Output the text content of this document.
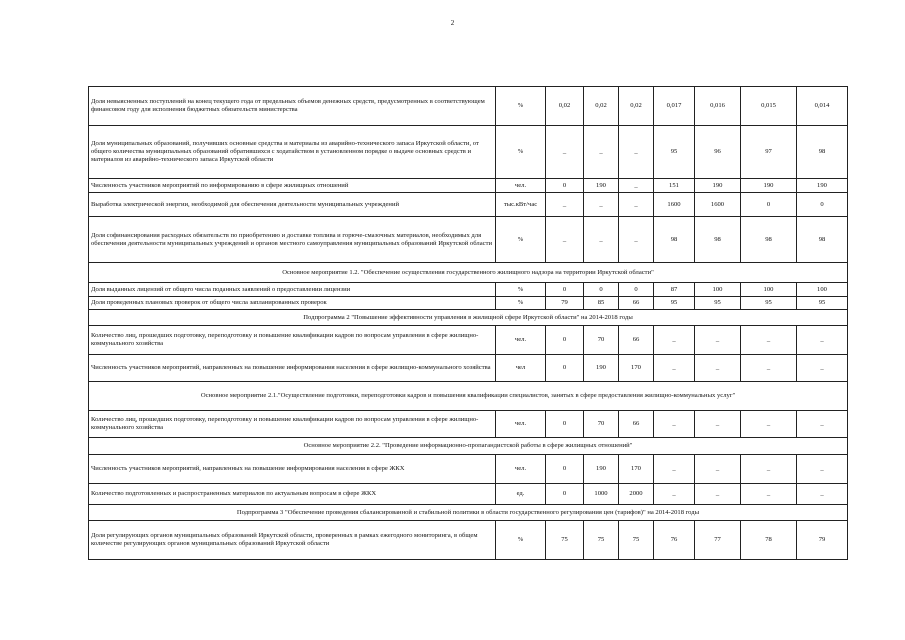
2
Доля невыясненных поступлений на конец текущего года от предельных объемов денежных средств, предусмотренных в соответствующем финансовом году для исполнения бюджетных обязательств министерства	%	0,02	0,02	0,02	0,017	0,016	0,015	0,014
Доля муниципальных образований, получивших основные средства и материалы из аварийно-технического запаса Иркутской области, от общего количества муниципальных образований обратившихся с ходатайством в установленном порядке о выдаче основных средств и материалов из аварийно-технического запаса Иркутской области	%	_	_	_	95	96	97	98
Численность участников мероприятий по информированию в сфере жилищных отношений	чел.	0	190	_	151	190	190	190
Выработка электрической энергии, необходимой для обеспечения деятельности муниципальных учреждений	тыс.кВт/час	_	_	_	1600	1600	0	0
Доля софинансирования расходных обязательств по приобретению и доставке топлива и горюче-смазочных материалов, необходимых для обеспечения деятельности муниципальных учреждений и органов местного самоуправления муниципальных образований Иркутской области	%	_	_	_	98	98	98	98
Основное мероприятие 1.2. "Обеспечение осуществления государственного жилищного надзора на территории Иркутской области"								
Доля выданных лицензий от общего числа поданных заявлений о предоставлении лицензии	%	0	0	0	87	100	100	100
Доля проведенных плановых проверок от общего числа запланированных проверок	%	79	85	66	95	95	95	95
Подпрограмма 2 "Повышение эффективности управления в жилищной сфере Иркутской области" на 2014-2018 годы								
Количество лиц, прошедших подготовку, переподготовку и повышение квалификации кадров по вопросам управления в сфере жилищно-коммунального хозяйства	чел.	0	70	66	_	_	_	_
Численность участников мероприятий, направленных на повышение информирования населения в сфере жилищно-коммунального хозяйства	чел	0	190	170	_	_	_	_
Основное мероприятие 2.1."Осуществление подготовки, переподготовки кадров и повышения квалификации специалистов, занятых в сфере предоставления жилищно-коммунальных услуг"								
Количество лиц, прошедших подготовку, переподготовку и повышение квалификации кадров по вопросам управления в сфере жилищно-коммунального хозяйства	чел.	0	70	66	_	_	_	_
Основное мероприятие 2.2. "Проведение информационно-пропагандистской работы в сфере жилищных отношений"								
Численность участников мероприятий, направленных на повышение информирования населения в сфере ЖКХ	чел.	0	190	170	_	_	_	_
Количество подготовленных и распространенных материалов по актуальным вопросам в сфере ЖКХ	ед.	0	1000	2000	_	_	_	_
Подпрограмма 3 "Обеспечение проведения сбалансированной и стабильной политики в области государственного регулирования цен (тарифов)" на 2014-2018 годы								
Доля регулирующих органов муниципальных образований Иркутской области, проверенных в рамках ежегодного мониторинга, в общем количестве регулирующих органов муниципальных образований Иркутской области	%	75	75	75	76	77	78	79
